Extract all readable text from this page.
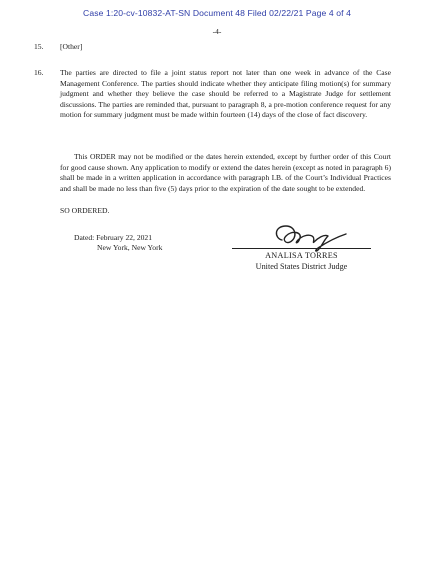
Case 1:20-cv-10832-AT-SN Document 48 Filed 02/22/21 Page 4 of 4

-4-

15. [Other]
16. The parties are directed to file a joint status report not later than one week in advance of the Case Management Conference. The parties should indicate whether they anticipate filing motion(s) for summary judgment and whether they believe the case should be referred to a Magistrate Judge for settlement discussions. The parties are reminded that, pursuant to paragraph 8, a pre-motion conference request for any motion for summary judgment must be made within fourteen (14) days of the close of fact discovery.

This ORDER may not be modified or the dates herein extended, except by further order of this Court for good cause shown. Any application to modify or extend the dates herein (except as noted in paragraph 6) shall be made in a written application in accordance with paragraph I.B. of the Court’s Individual Practices and shall be made no less than five (5) days prior to the expiration of the date sought to be extended.

SO ORDERED.

Dated: February 22, 2021

New York, New York

ANALISA TORRES

United States District Judge
